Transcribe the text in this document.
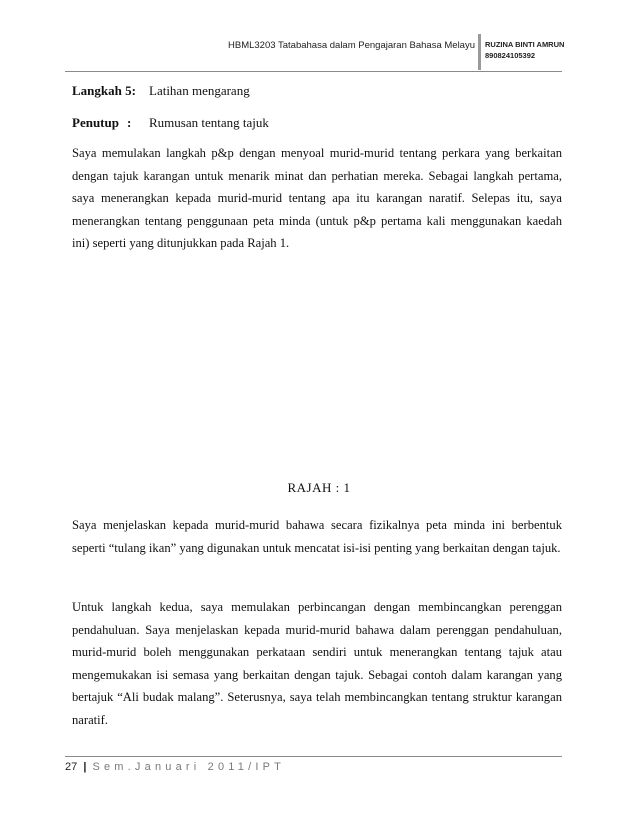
HBML3203 Tatabahasa dalam Pengajaran Bahasa Melayu RUZINA BINTI AMRUN
890824105392
Langkah 5: Latihan mengarang
Penutup : Rumusan tentang tajuk

Saya memulakan langkah p&p dengan menyoal murid-murid tentang perkara yang berkaitan dengan tajuk karangan untuk menarik minat dan perhatian mereka. Sebagai langkah pertama, saya menerangkan kepada murid-murid tentang apa itu karangan naratif. Selepas itu, saya menerangkan tentang penggunaan peta minda (untuk p&p pertama kali menggunakan kaedah ini) seperti yang ditunjukkan pada Rajah 1.

RAJAH : 1

Saya menjelaskan kepada murid-murid bahawa secara fizikalnya peta minda ini berbentuk seperti “tulang ikan” yang digunakan untuk mencatat isi-isi penting yang berkaitan dengan tajuk.

Untuk langkah kedua, saya memulakan perbincangan dengan membincangkan perenggan pendahuluan. Saya menjelaskan kepada murid-murid bahawa dalam perenggan pendahuluan, murid-murid boleh menggunakan perkataan sendiri untuk menerangkan tentang tajuk atau mengemukakan isi semasa yang berkaitan dengan tajuk. Sebagai contoh dalam karangan yang bertajuk “Ali budak malang”. Seterusnya, saya telah membincangkan tentang struktur karangan naratif.

27 | Sem.Januari 2011/IPT
